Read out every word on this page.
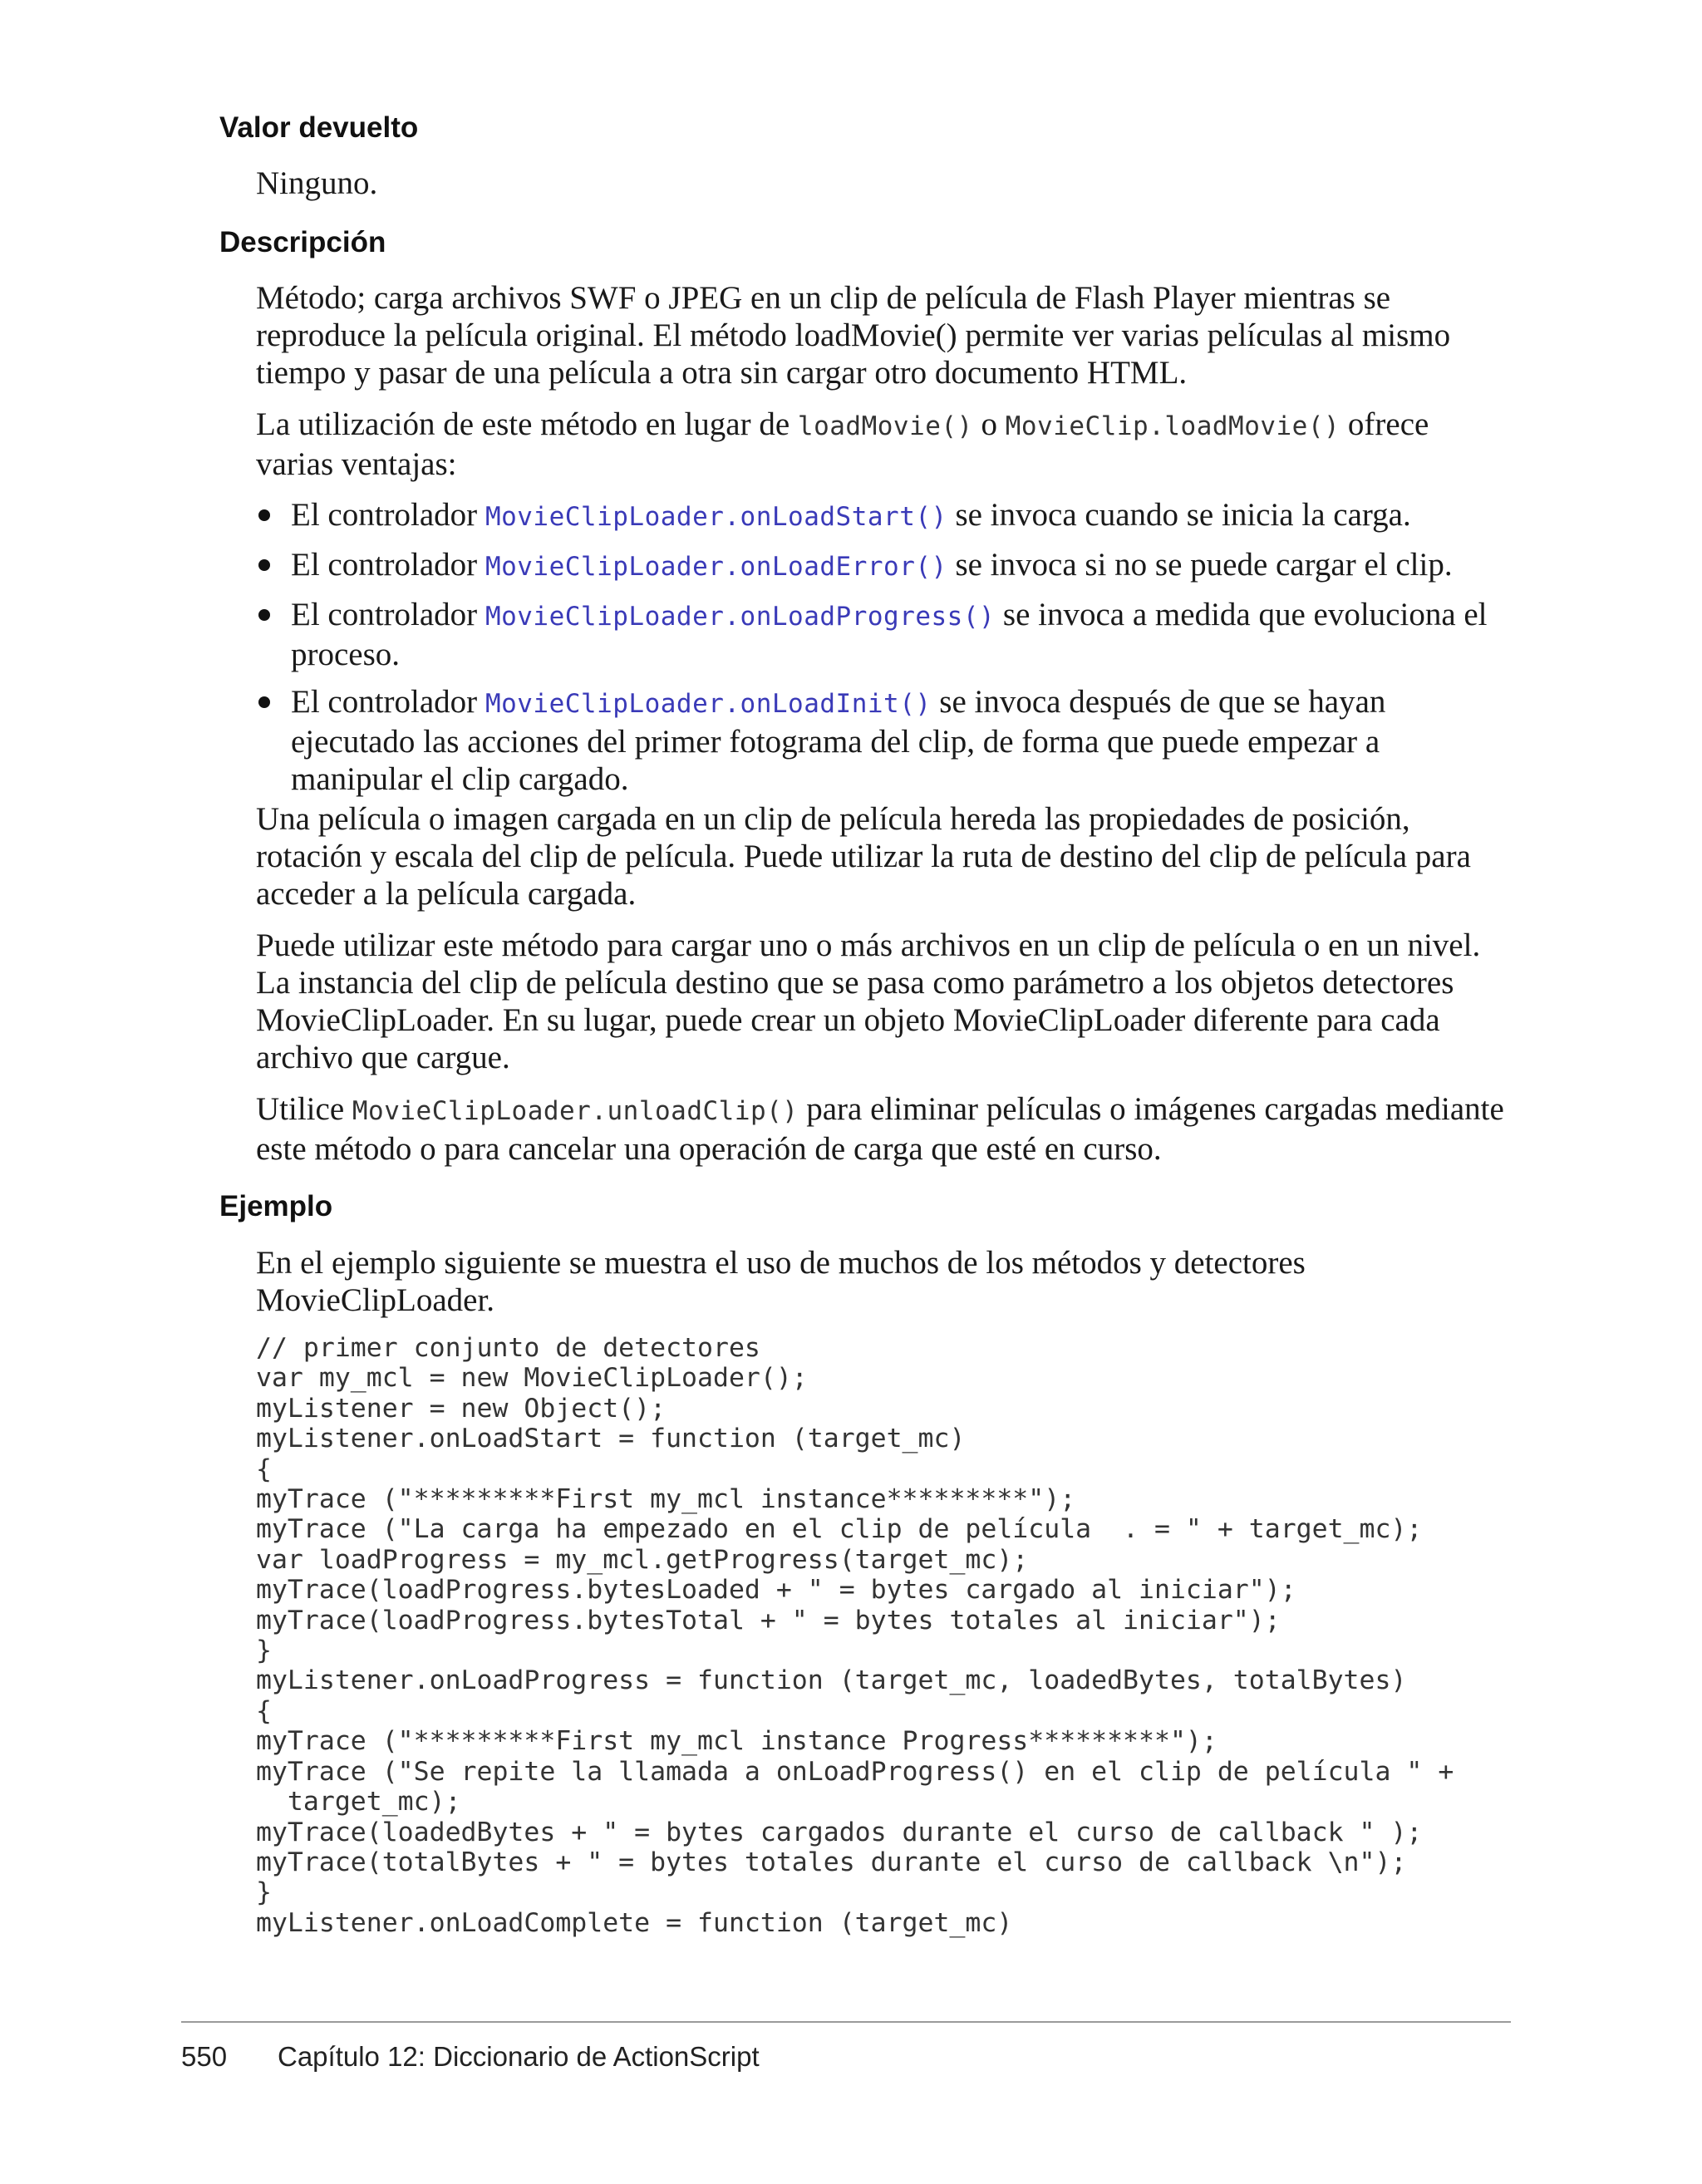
Valor devuelto

Ninguno.

Descripción

Método; carga archivos SWF o JPEG en un clip de película de Flash Player mientras se reproduce la película original. El método loadMovie() permite ver varias películas al mismo tiempo y pasar de una película a otra sin cargar otro documento HTML.

La utilización de este método en lugar de loadMovie() o MovieClip.loadMovie() ofrece varias ventajas:

El controlador MovieClipLoader.onLoadStart() se invoca cuando se inicia la carga.
El controlador MovieClipLoader.onLoadError() se invoca si no se puede cargar el clip.
El controlador MovieClipLoader.onLoadProgress() se invoca a medida que evoluciona el proceso.
El controlador MovieClipLoader.onLoadInit() se invoca después de que se hayan ejecutado las acciones del primer fotograma del clip, de forma que puede empezar a manipular el clip cargado.

Una película o imagen cargada en un clip de película hereda las propiedades de posición, rotación y escala del clip de película. Puede utilizar la ruta de destino del clip de película para acceder a la película cargada.

Puede utilizar este método para cargar uno o más archivos en un clip de película o en un nivel. La instancia del clip de película destino que se pasa como parámetro a los objetos detectores MovieClipLoader. En su lugar, puede crear un objeto MovieClipLoader diferente para cada archivo que cargue.

Utilice MovieClipLoader.unloadClip() para eliminar películas o imágenes cargadas mediante este método o para cancelar una operación de carga que esté en curso.

Ejemplo

En el ejemplo siguiente se muestra el uso de muchos de los métodos y detectores MovieClipLoader.

// primer conjunto de detectores
var my_mcl = new MovieClipLoader();
myListener = new Object();
myListener.onLoadStart = function (target_mc)
{
myTrace ("*********First my_mcl instance*********");
myTrace ("La carga ha empezado en el clip de película  . = " + target_mc);
var loadProgress = my_mcl.getProgress(target_mc);
myTrace(loadProgress.bytesLoaded + " = bytes cargado al iniciar");
myTrace(loadProgress.bytesTotal + " = bytes totales al iniciar");
}
myListener.onLoadProgress = function (target_mc, loadedBytes, totalBytes)
{
myTrace ("*********First my_mcl instance Progress*********");
myTrace ("Se repite la llamada a onLoadProgress() en el clip de película " +
target_mc);
myTrace(loadedBytes + " = bytes cargados durante el curso de callback " );
myTrace(totalBytes + " = bytes totales durante el curso de callback \n");
}
myListener.onLoadComplete = function (target_mc)
550 Capítulo 12: Diccionario de ActionScript
